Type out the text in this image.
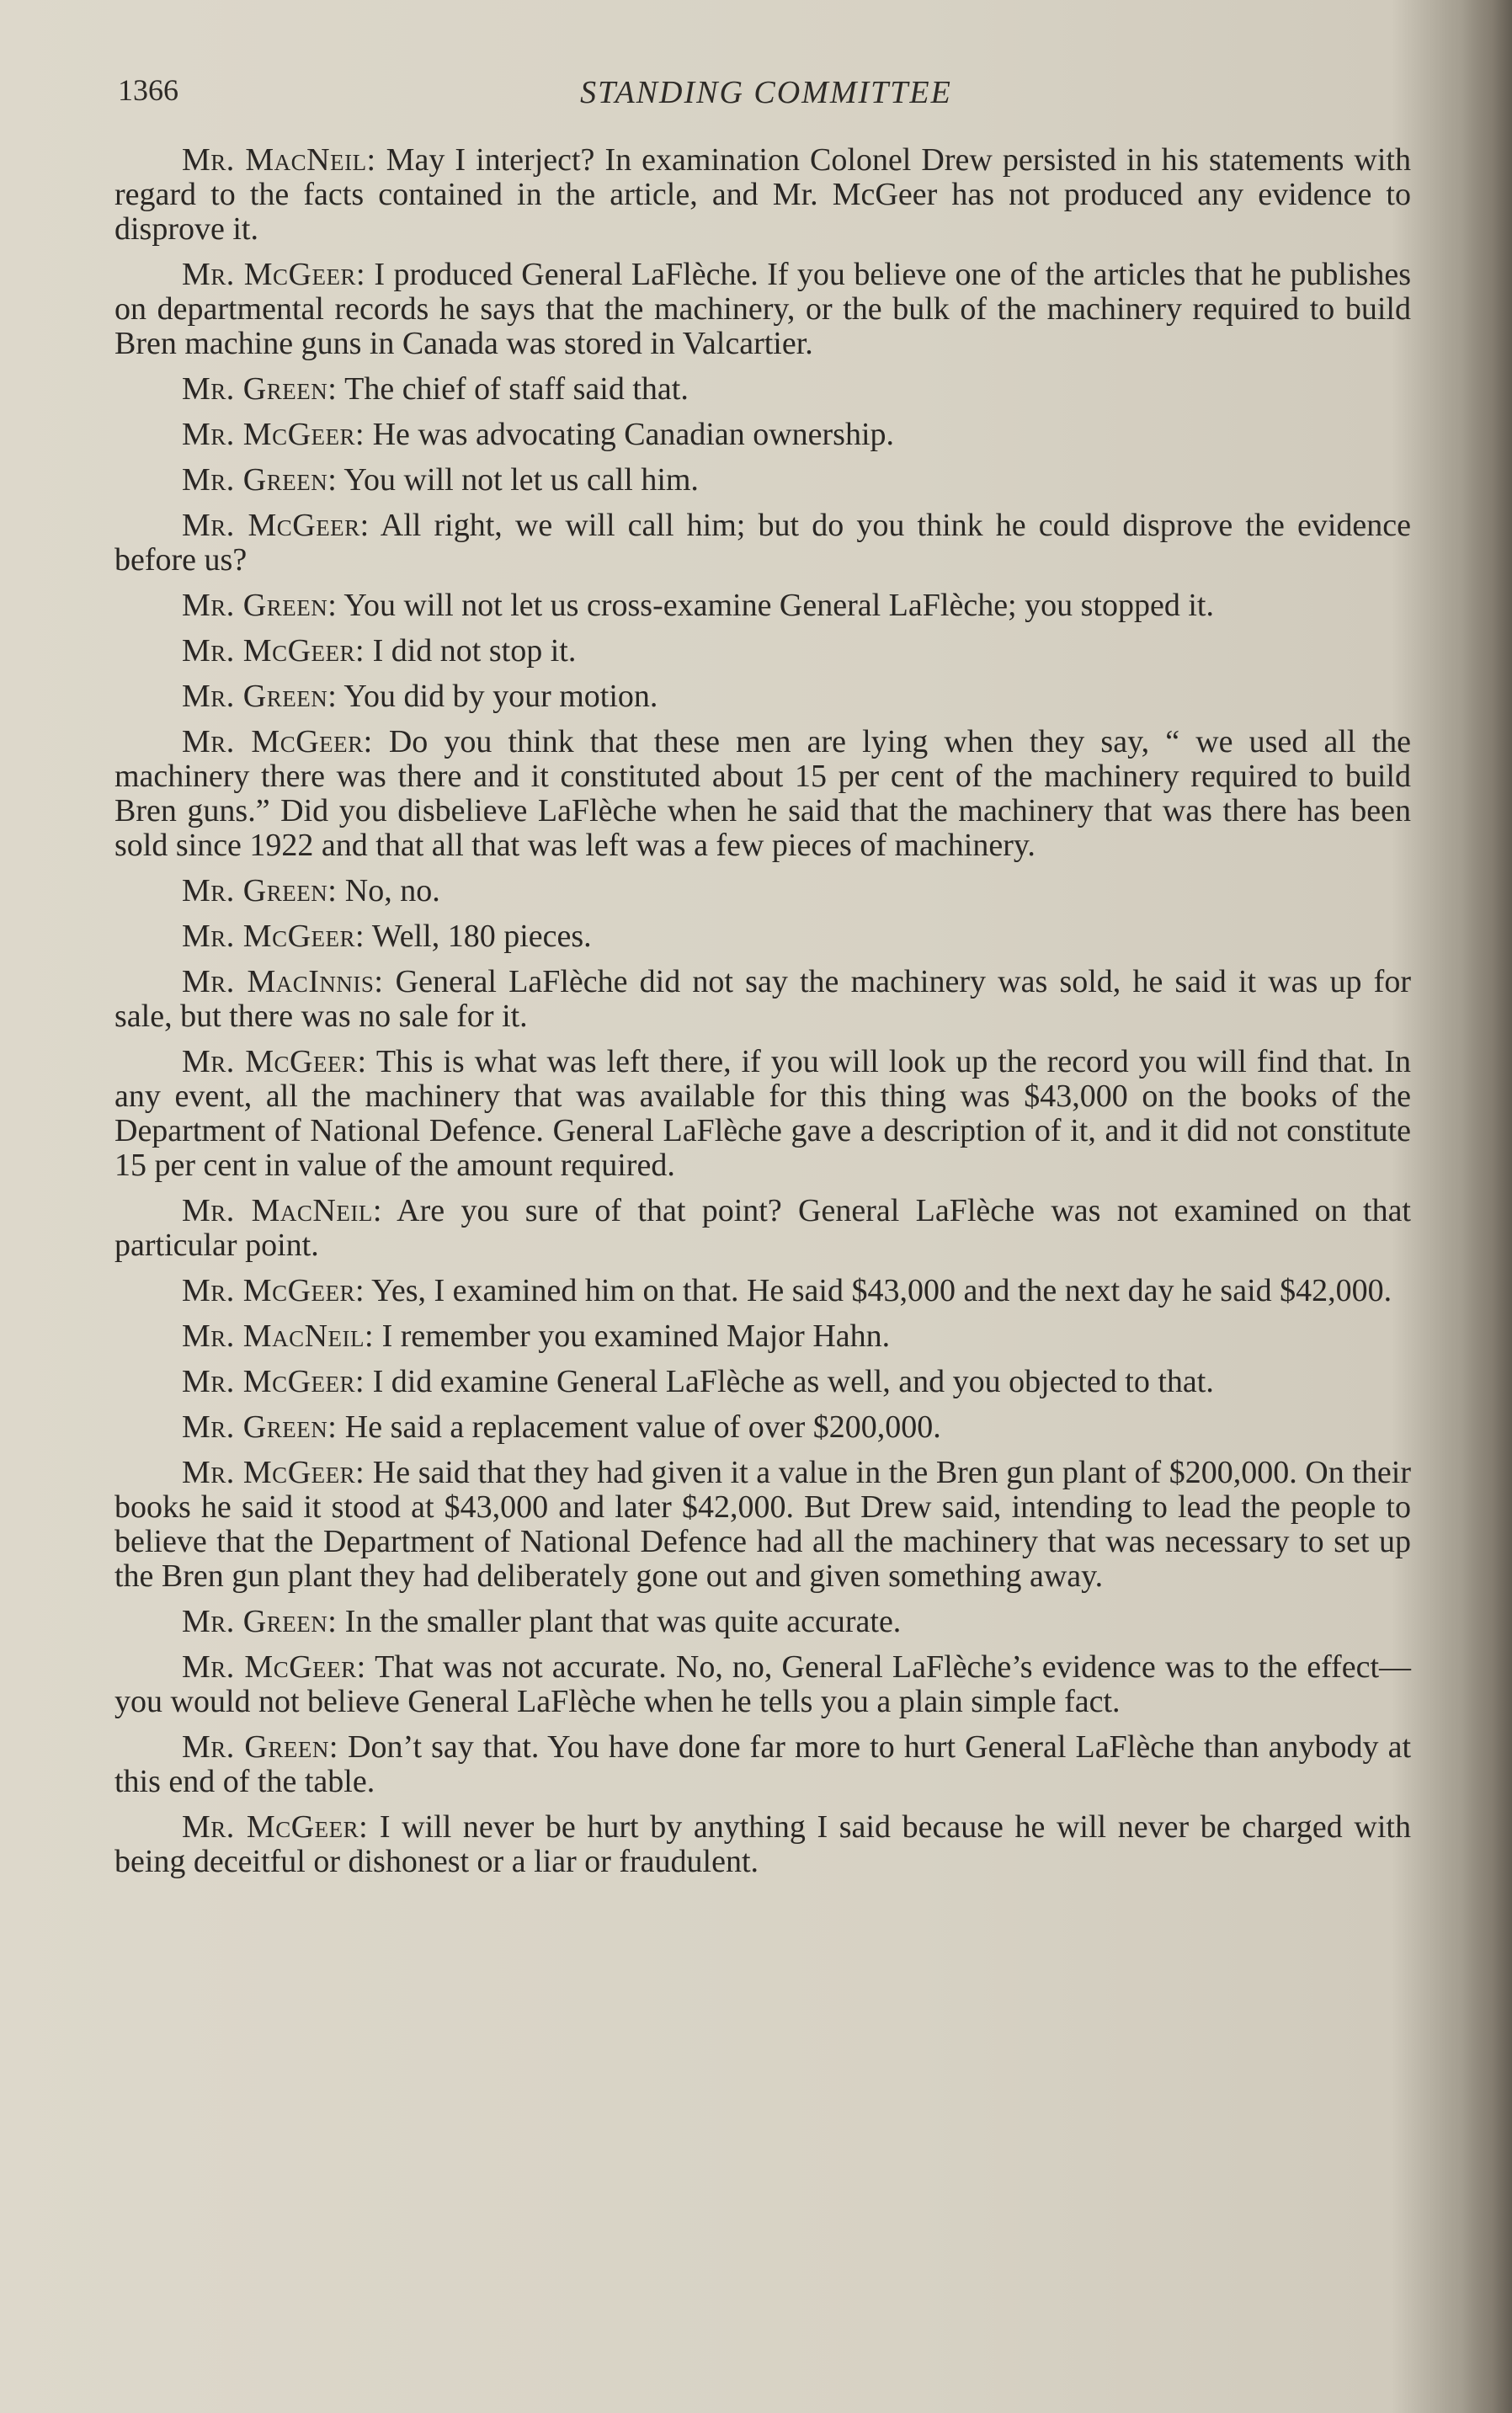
1366	STANDING COMMITTEE

Mr. MacNeil: May I interject? In examination Colonel Drew persisted in his statements with regard to the facts contained in the article, and Mr. McGeer has not produced any evidence to disprove it.

Mr. McGeer: I produced General LaFlèche. If you believe one of the articles that he publishes on departmental records he says that the machinery, or the bulk of the machinery required to build Bren machine guns in Canada was stored in Valcartier.

Mr. Green: The chief of staff said that.

Mr. McGeer: He was advocating Canadian ownership.

Mr. Green: You will not let us call him.

Mr. McGeer: All right, we will call him; but do you think he could disprove the evidence before us?

Mr. Green: You will not let us cross-examine General LaFlèche; you stopped it.

Mr. McGeer: I did not stop it.

Mr. Green: You did by your motion.

Mr. McGeer: Do you think that these men are lying when they say, “ we used all the machinery there was there and it constituted about 15 per cent of the machinery required to build Bren guns.” Did you disbelieve LaFlèche when he said that the machinery that was there has been sold since 1922 and that all that was left was a few pieces of machinery.

Mr. Green: No, no.

Mr. McGeer: Well, 180 pieces.

Mr. MacInnis: General LaFlèche did not say the machinery was sold, he said it was up for sale, but there was no sale for it.

Mr. McGeer: This is what was left there, if you will look up the record you will find that. In any event, all the machinery that was available for this thing was $43,000 on the books of the Department of National Defence. General LaFlèche gave a description of it, and it did not constitute 15 per cent in value of the amount required.

Mr. MacNeil: Are you sure of that point? General LaFlèche was not examined on that particular point.

Mr. McGeer: Yes, I examined him on that. He said $43,000 and the next day he said $42,000.

Mr. MacNeil: I remember you examined Major Hahn.

Mr. McGeer: I did examine General LaFlèche as well, and you objected to that.

Mr. Green: He said a replacement value of over $200,000.

Mr. McGeer: He said that they had given it a value in the Bren gun plant of $200,000. On their books he said it stood at $43,000 and later $42,000. But Drew said, intending to lead the people to believe that the Department of National Defence had all the machinery that was necessary to set up the Bren gun plant they had deliberately gone out and given something away.

Mr. Green: In the smaller plant that was quite accurate.

Mr. McGeer: That was not accurate. No, no, General LaFlèche’s evidence was to the effect—you would not believe General LaFlèche when he tells you a plain simple fact.

Mr. Green: Don’t say that. You have done far more to hurt General LaFlèche than anybody at this end of the table.

Mr. McGeer: I will never be hurt by anything I said because he will never be charged with being deceitful or dishonest or a liar or fraudulent.
